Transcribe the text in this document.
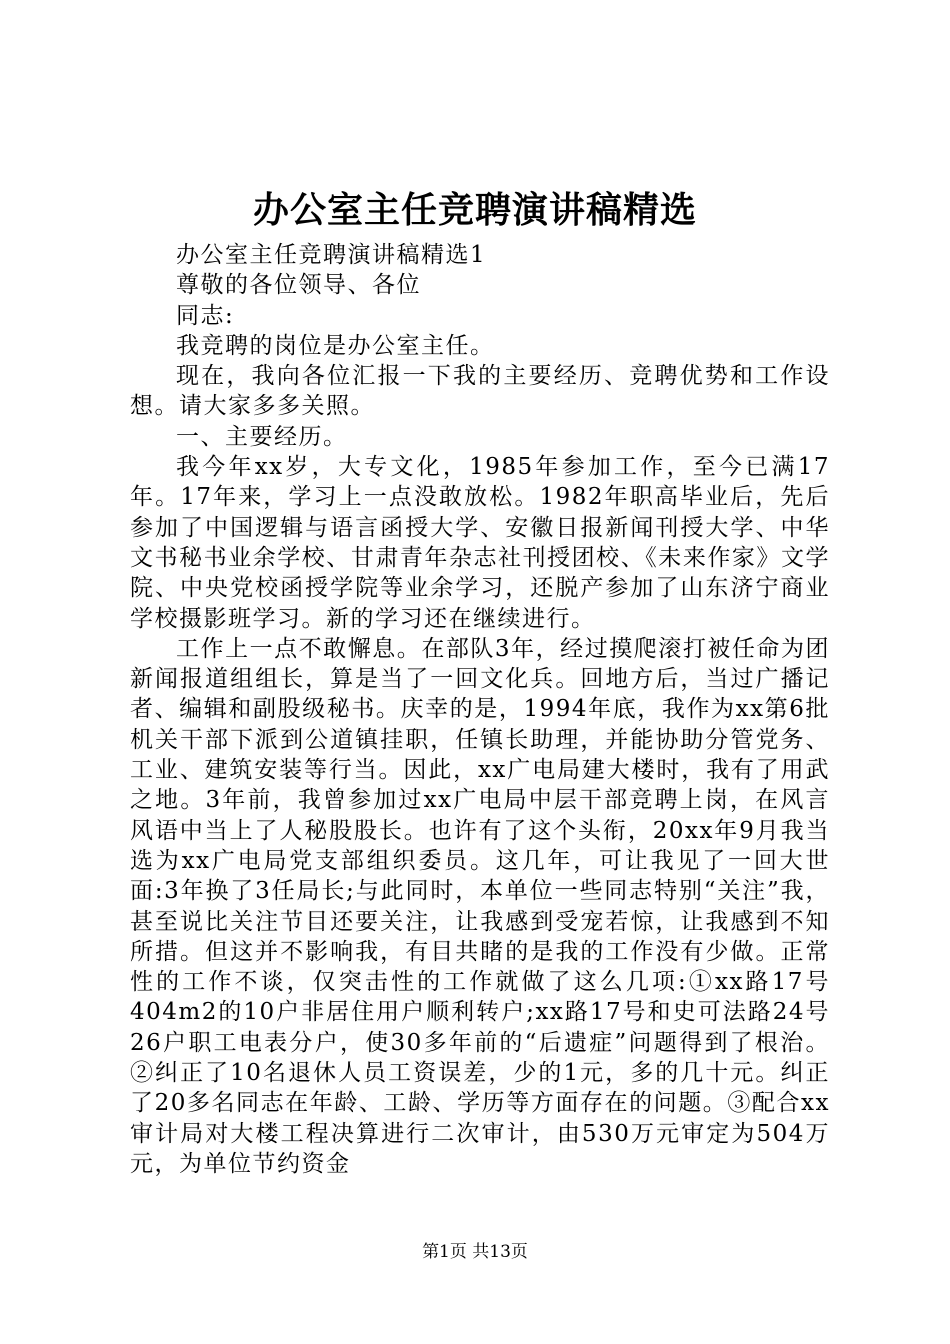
办公室主任竞聘演讲稿精选

办公室主任竞聘演讲稿精选1

尊敬的各位领导、各位

同志:

我竞聘的岗位是办公室主任。

现在，我向各位汇报一下我的主要经历、竞聘优势和工作设想。请大家多多关照。

一、主要经历。

我今年xx岁，大专文化，1985年参加工作，至今已满17年。17年来，学习上一点没敢放松。1982年职高毕业后，先后参加了中国逻辑与语言函授大学、安徽日报新闻刊授大学、中华文书秘书业余学校、甘肃青年杂志社刊授团校、《未来作家》文学院、中央党校函授学院等业余学习，还脱产参加了山东济宁商业学校摄影班学习。新的学习还在继续进行。

工作上一点不敢懈息。在部队3年，经过摸爬滚打被任命为团新闻报道组组长，算是当了一回文化兵。回地方后，当过广播记者、编辑和副股级秘书。庆幸的是，1994年底，我作为xx第6批机关干部下派到公道镇挂职，任镇长助理，并能协助分管党务、工业、建筑安装等行当。因此，xx广电局建大楼时，我有了用武之地。3年前，我曾参加过xx广电局中层干部竞聘上岗，在风言风语中当上了人秘股股长。也许有了这个头衔，20xx年9月我当选为xx广电局党支部组织委员。这几年，可让我见了一回大世面:3年换了3任局长;与此同时，本单位一些同志特别“关注”我，甚至说比关注节目还要关注，让我感到受宠若惊，让我感到不知所措。但这并不影响我，有目共睹的是我的工作没有少做。正常性的工作不谈，仅突击性的工作就做了这么几项:①xx路17号404m2的10户非居住用户顺利转户;xx路17号和史可法路24号26户职工电表分户，使30多年前的“后遗症”问题得到了根治。②纠正了10名退休人员工资误差，少的1元，多的几十元。纠正了20多名同志在年龄、工龄、学历等方面存在的问题。③配合xx审计局对大楼工程决算进行二次审计，由530万元审定为504万元，为单位节约资金

第1页 共13页
